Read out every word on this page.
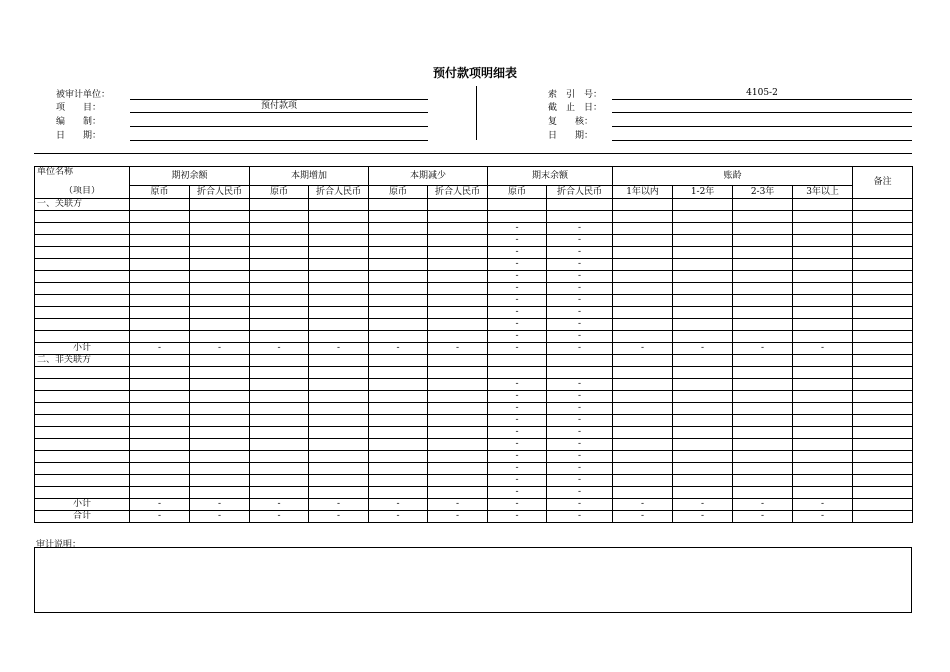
预付款项明细表
被审计单位：
项　　目：	预付款项
编　　制：
日　　期：
索　引　号：	4105-2
截　止　日：
复　　核：
日　　期：
单位名称	期初余额		本期增加		本期减少		期末余额		账龄				备注
（项目）	原币	折合人民币	原币	折合人民币	原币	折合人民币	原币	折合人民币	1年以内	1-2年	2-3年	3年以上	
一、关联方													

							-	-					
							-	-					
							-	-					
							-	-					
							-	-					
							-	-					
							-	-					
							-	-					
							-	-					
							-	-					
小计	-	-	-	-	-	-	-	-	-	-	-	-	
二、非关联方													

							-	-					
							-	-					
							-	-					
							-	-					
							-	-					
							-	-					
							-	-					
							-	-					
							-	-					
							-	-					
小计	-	-	-	-	-	-	-	-	-	-	-	-	
合计	-	-	-	-	-	-	-	-	-	-	-	-	
审计说明：
